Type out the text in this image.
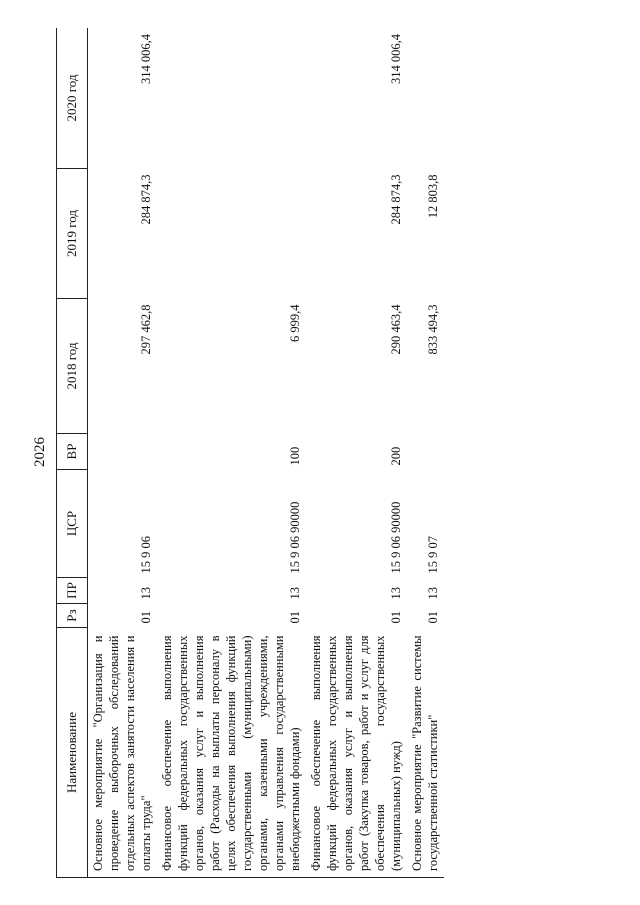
2026
Наименование	Рз	ПР	ЦСР	ВР	2018 год	2019 год	2020 год
Основное мероприятие "Организация и проведение выборочных обследований отдельных аспектов занятости населения и оплаты труда"	01	13	15 9 06		297 462,8	284 874,3	314 006,4
Финансовое обеспечение выполнения функций федеральных государственных органов, оказания услуг и выполнения работ (Расходы на выплаты персоналу в целях обеспечения выполнения функций государственными (муниципальными) органами, казенными учреждениями, органами управления государственными внебюджетными фондами)	01	13	15 9 06 90000	100	6 999,4		
Финансовое обеспечение выполнения функций федеральных государственных органов, оказания услуг и выполнения работ (Закупка товаров, работ и услуг для обеспечения государственных (муниципальных) нужд)	01	13	15 9 06 90000	200	290 463,4	284 874,3	314 006,4
Основное мероприятие "Развитие системы государственной статистики"	01	13	15 9 07		833 494,3	12 803,8	
